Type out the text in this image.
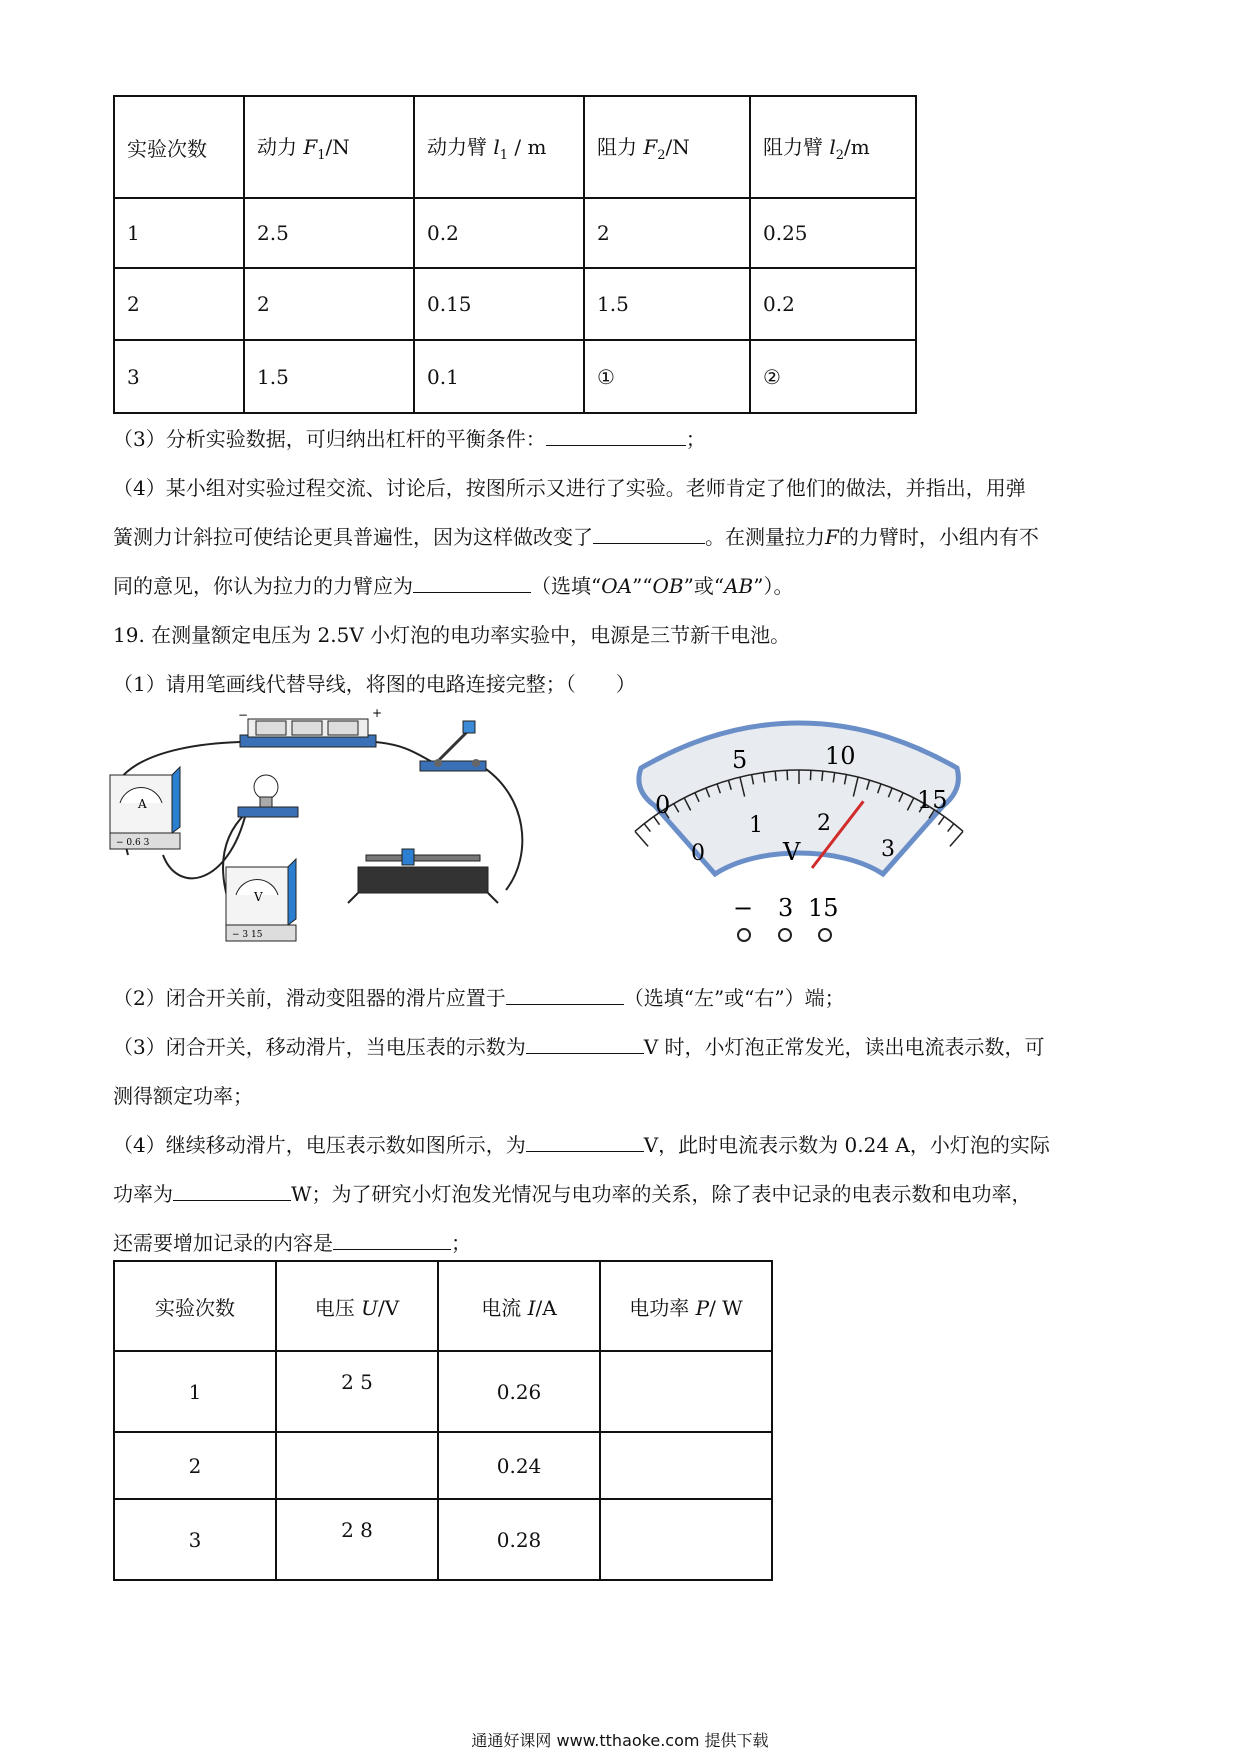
实验次数	动力 $F_1/N$	动力臂 $l_1$ / m	阻力 $F_2/N$	阻力臂 $l_2/m$
1	2.5	0.2	2	0.25
2	2	0.15	1.5	0.2
3	1.5	0.1	①	②
（3）分析实验数据，可归纳出杠杆的平衡条件：	；
（4）某小组对实验过程交流、讨论后，按图所示又进行了实验。老师肯定了他们的做法，并指出，用弹
簧测力计斜拉可使结论更具普遍性，因为这样做改变了	。在测量拉力F的力臂时，小组内有不
同的意见，你认为拉力的力臂应为	（选填“OA”“OB”或“AB”）。
19. 在测量额定电压为 2.5V 小灯泡的电功率实验中，电源是三节新干电池。
（1）请用笔画线代替导线，将图的电路连接完整；（　　）
−	+
A
− 0.6 3
V
− 3 15
0
5	10
15
0
1 2
3
V
− 3 15
（2）闭合开关前，滑动变阻器的滑片应置于	（选填“左”或“右”）端；
（3）闭合开关，移动滑片，当电压表的示数为	V 时，小灯泡正常发光，读出电流表示数，可
测得额定功率；
（4）继续移动滑片，电压表示数如图所示，为	V，此时电流表示数为 0.24 A，小灯泡的实际
功率为	W；为了研究小灯泡发光情况与电功率的关系，除了表中记录的电表示数和电功率，
还需要增加记录的内容是	；
实验次数	电压 U/V	电流 I/A	电功率 P/ W
1	2 5	0.26	
2		0.24	
3	2 8	0.28	
通通好课网 www.tthaoke.com 提供下载
